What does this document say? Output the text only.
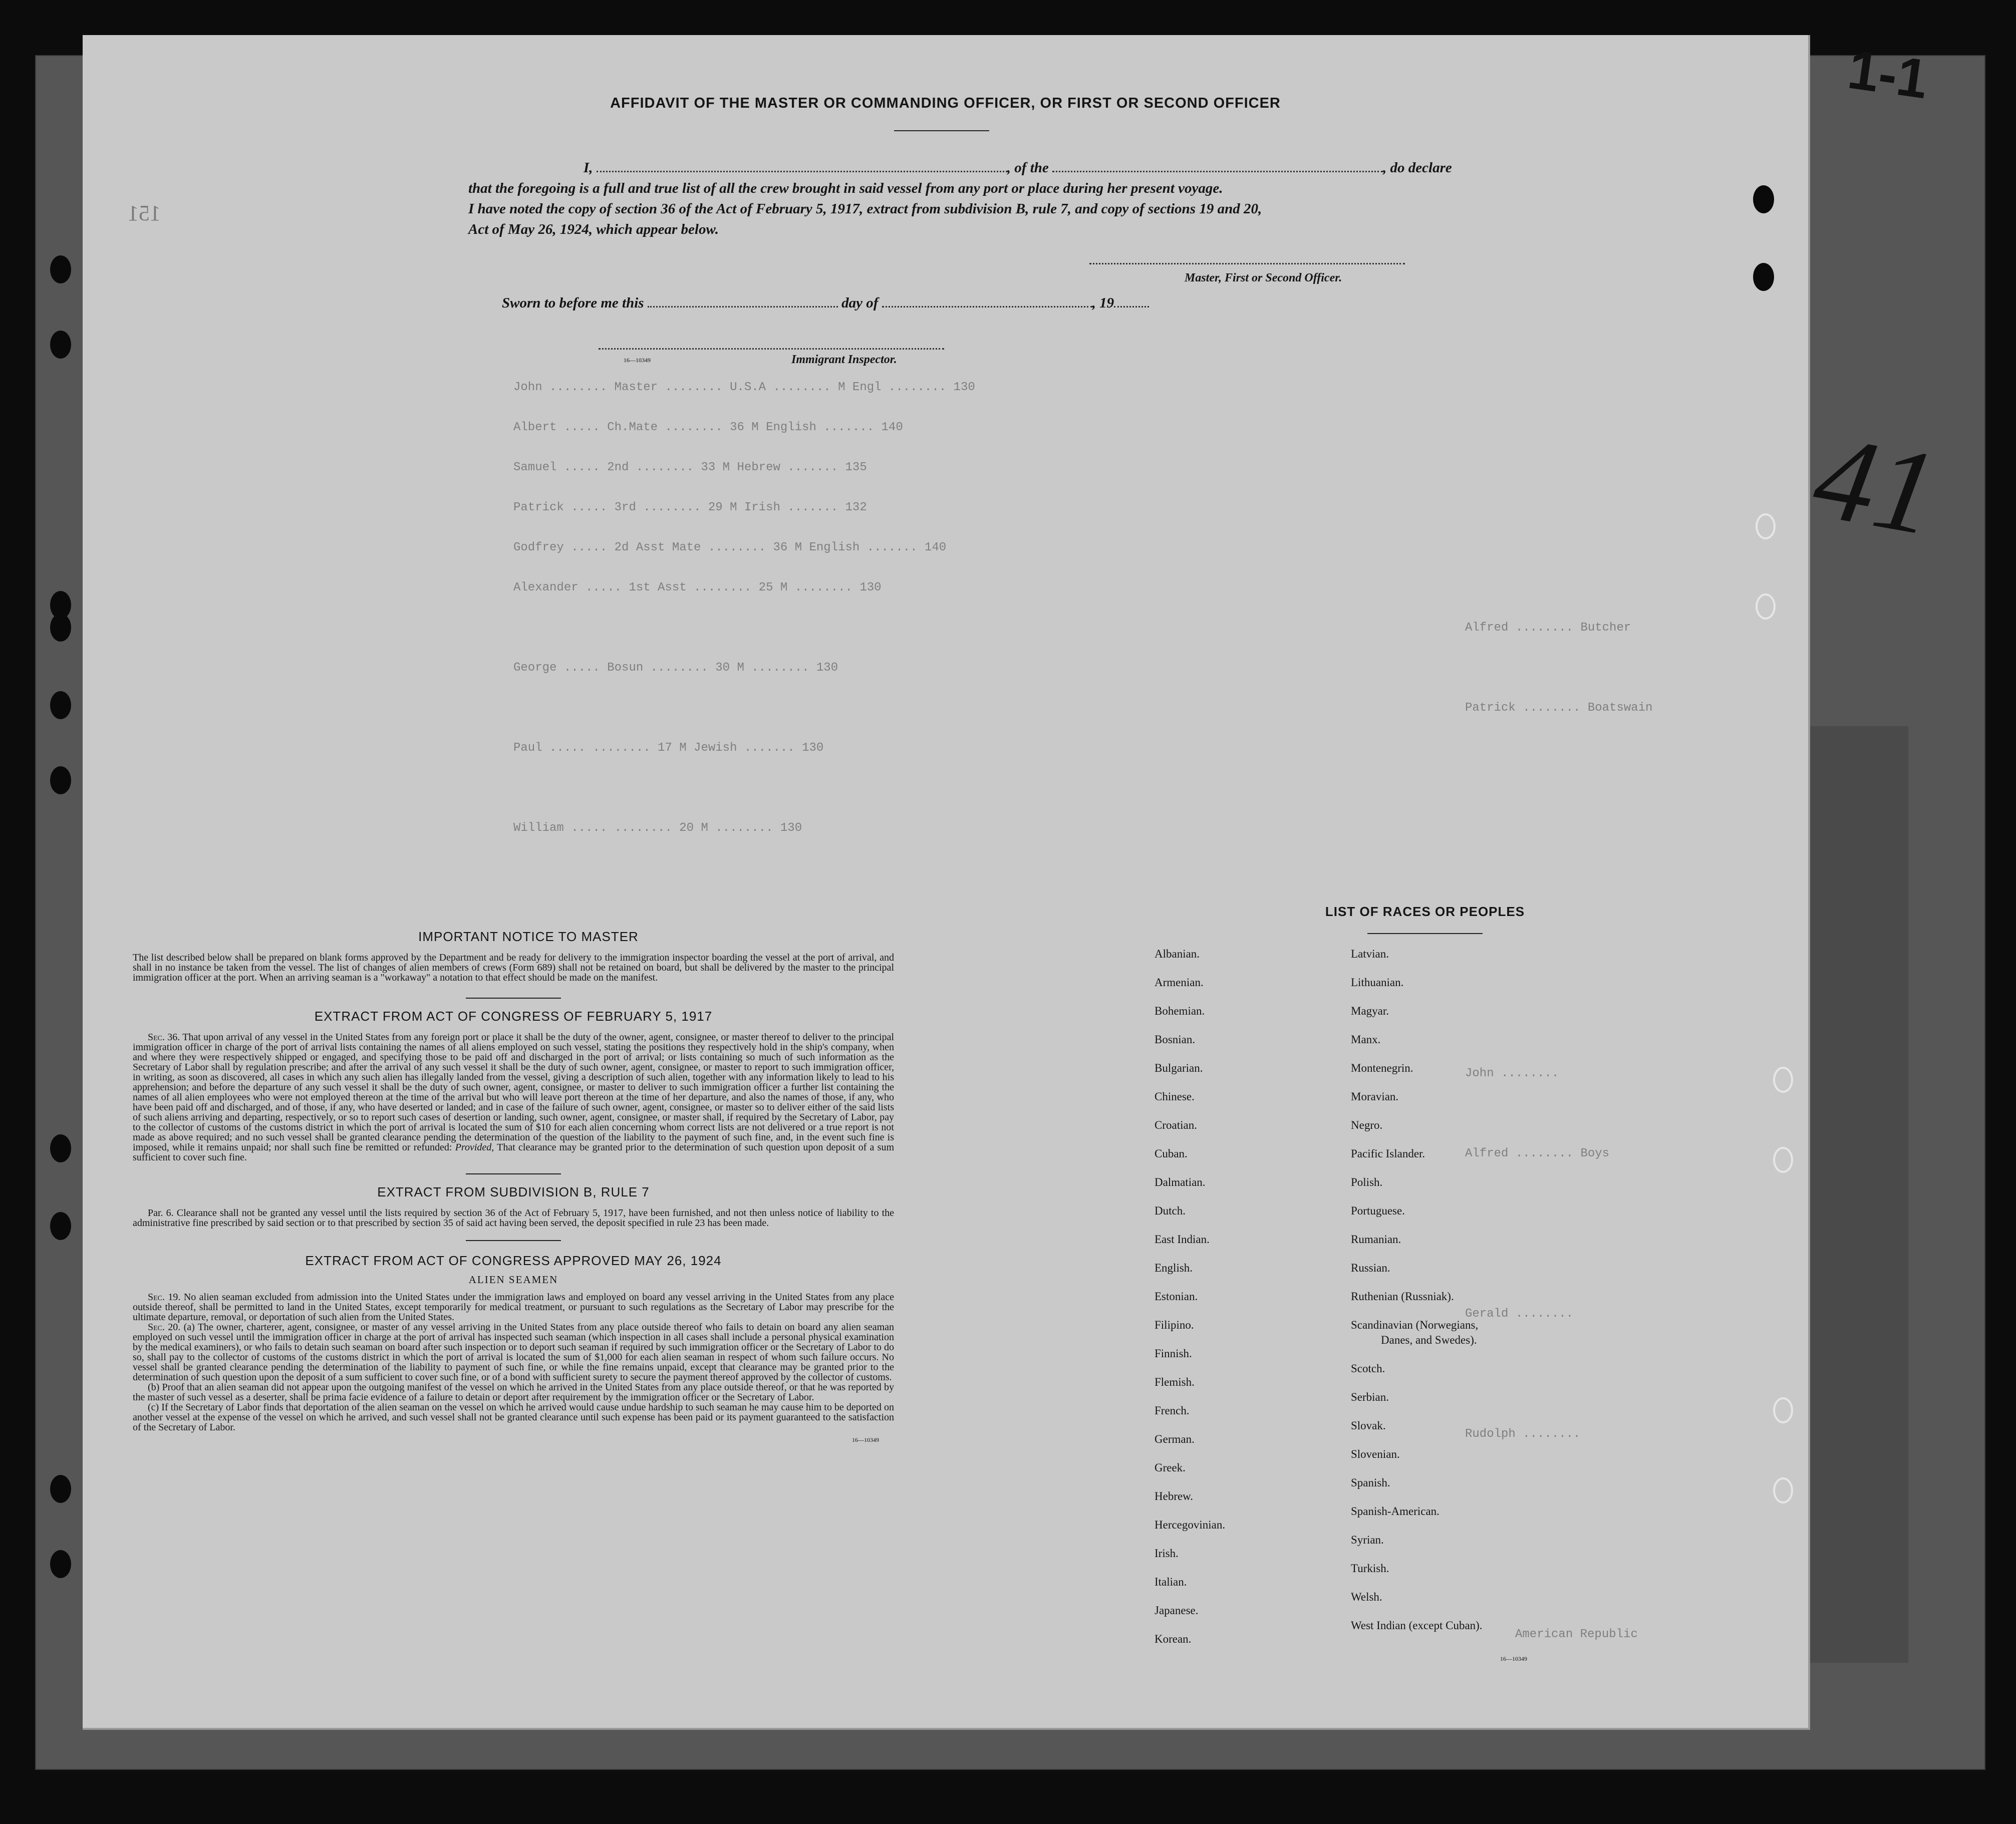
1-1
John ........ Master ........ U.S.A ........ M Engl ........ 130
Albert ..... Ch.Mate ........ 36 M English ....... 140
Samuel ..... 2nd ........ 33 M Hebrew ....... 135
Patrick ..... 3rd ........ 29 M Irish ....... 132
Godfrey ..... 2d Asst Mate ........ 36 M English ....... 140
Alexander ..... 1st Asst ........ 25 M ........ 130
George ..... Bosun ........ 30 M ........ 130
Paul ..... ........ 17 M Jewish ....... 130
William ..... ........ 20 M ........ 130
Alfred ........ Butcher
Patrick ........ Boatswain
John ........
Alfred ........ Boys
Gerald ........
Rudolph ........
American Republic
151
41
AFFIDAVIT OF THE MASTER OR COMMANDING OFFICER, OR FIRST OR SECOND OFFICER
I,	, of the	, do declare
that the foregoing is a full and true list of all the crew brought in said vessel from any port or place during her present voyage.
I have noted the copy of section 36 of the Act of February 5, 1917, extract from subdivision B, rule 7, and copy of sections 19 and 20,
Act of May 26, 1924, which appear below.
Master, First or Second Officer.
Sworn to before me this	day of	, 19
16—10349	Immigrant Inspector.
IMPORTANT NOTICE TO MASTER
The list described below shall be prepared on blank forms approved by the Department and be ready for delivery to the immigration inspector boarding the vessel at the port of arrival, and shall in no instance be taken from the vessel. The list of changes of alien members of crews (Form 689) shall not be retained on board, but shall be delivered by the master to the principal immigration officer at the port. When an arriving seaman is a "workaway" a notation to that effect should be made on the manifest.
EXTRACT FROM ACT OF CONGRESS OF FEBRUARY 5, 1917
Sec. 36. That upon arrival of any vessel in the United States from any foreign port or place it shall be the duty of the owner, agent, consignee, or master thereof to deliver to the principal immigration officer in charge of the port of arrival lists containing the names of all aliens employed on such vessel, stating the positions they respectively hold in the ship's company, when and where they were respectively shipped or engaged, and specifying those to be paid off and discharged in the port of arrival; or lists containing so much of such information as the Secretary of Labor shall by regulation prescribe; and after the arrival of any such vessel it shall be the duty of such owner, agent, consignee, or master to report to such immigration officer, in writing, as soon as discovered, all cases in which any such alien has illegally landed from the vessel, giving a description of such alien, together with any information likely to lead to his apprehension; and before the departure of any such vessel it shall be the duty of such owner, agent, consignee, or master to deliver to such immigration officer a further list containing the names of all alien employees who were not employed thereon at the time of the arrival but who will leave port thereon at the time of her departure, and also the names of those, if any, who have been paid off and discharged, and of those, if any, who have deserted or landed; and in case of the failure of such owner, agent, consignee, or master so to deliver either of the said lists of such aliens arriving and departing, respectively, or so to report such cases of desertion or landing, such owner, agent, consignee, or master shall, if required by the Secretary of Labor, pay to the collector of customs of the customs district in which the port of arrival is located the sum of $10 for each alien concerning whom correct lists are not delivered or a true report is not made as above required; and no such vessel shall be granted clearance pending the determination of the question of the liability to the payment of such fine, and, in the event such fine is imposed, while it remains unpaid; nor shall such fine be remitted or refunded: Provided, That clearance may be granted prior to the determination of such question upon deposit of a sum sufficient to cover such fine.
EXTRACT FROM SUBDIVISION B, RULE 7
Par. 6. Clearance shall not be granted any vessel until the lists required by section 36 of the Act of February 5, 1917, have been furnished, and not then unless notice of liability to the administrative fine prescribed by said section or to that prescribed by section 35 of said act having been served, the deposit specified in rule 23 has been made.
EXTRACT FROM ACT OF CONGRESS APPROVED MAY 26, 1924
ALIEN SEAMEN
Sec. 19. No alien seaman excluded from admission into the United States under the immigration laws and employed on board any vessel arriving in the United States from any place outside thereof, shall be permitted to land in the United States, except temporarily for medical treatment, or pursuant to such regulations as the Secretary of Labor may prescribe for the ultimate departure, removal, or deportation of such alien from the United States.
Sec. 20. (a) The owner, charterer, agent, consignee, or master of any vessel arriving in the United States from any place outside thereof who fails to detain on board any alien seaman employed on such vessel until the immigration officer in charge at the port of arrival has inspected such seaman (which inspection in all cases shall include a personal physical examination by the medical examiners), or who fails to detain such seaman on board after such inspection or to deport such seaman if required by such immigration officer or the Secretary of Labor to do so, shall pay to the collector of customs of the customs district in which the port of arrival is located the sum of $1,000 for each alien seaman in respect of whom such failure occurs. No vessel shall be granted clearance pending the determination of the liability to payment of such fine, or while the fine remains unpaid, except that clearance may be granted prior to the determination of such question upon the deposit of a sum sufficient to cover such fine, or of a bond with sufficient surety to secure the payment thereof approved by the collector of customs.
(b) Proof that an alien seaman did not appear upon the outgoing manifest of the vessel on which he arrived in the United States from any place outside thereof, or that he was reported by the master of such vessel as a deserter, shall be prima facie evidence of a failure to detain or deport after requirement by the immigration officer or the Secretary of Labor.
(c) If the Secretary of Labor finds that deportation of the alien seaman on the vessel on which he arrived would cause undue hardship to such seaman he may cause him to be deported on another vessel at the expense of the vessel on which he arrived, and such vessel shall not be granted clearance until such expense has been paid or its payment guaranteed to the satisfaction of the Secretary of Labor.
16—10349
LIST OF RACES OR PEOPLES
Albanian.
Armenian.
Bohemian.
Bosnian.
Bulgarian.
Chinese.
Croatian.
Cuban.
Dalmatian.
Dutch.
East Indian.
English.
Estonian.
Filipino.
Finnish.
Flemish.
French.
German.
Greek.
Hebrew.
Hercegovinian.
Irish.
Italian.
Japanese.
Korean.
Latvian.
Lithuanian.
Magyar.
Manx.
Montenegrin.
Moravian.
Negro.
Pacific Islander.
Polish.
Portuguese.
Rumanian.
Russian.
Ruthenian (Russniak).
Scandinavian (Norwegians,
Danes, and Swedes).
Scotch.
Serbian.
Slovak.
Slovenian.
Spanish.
Spanish-American.
Syrian.
Turkish.
Welsh.
West Indian (except Cuban).
16—10349
